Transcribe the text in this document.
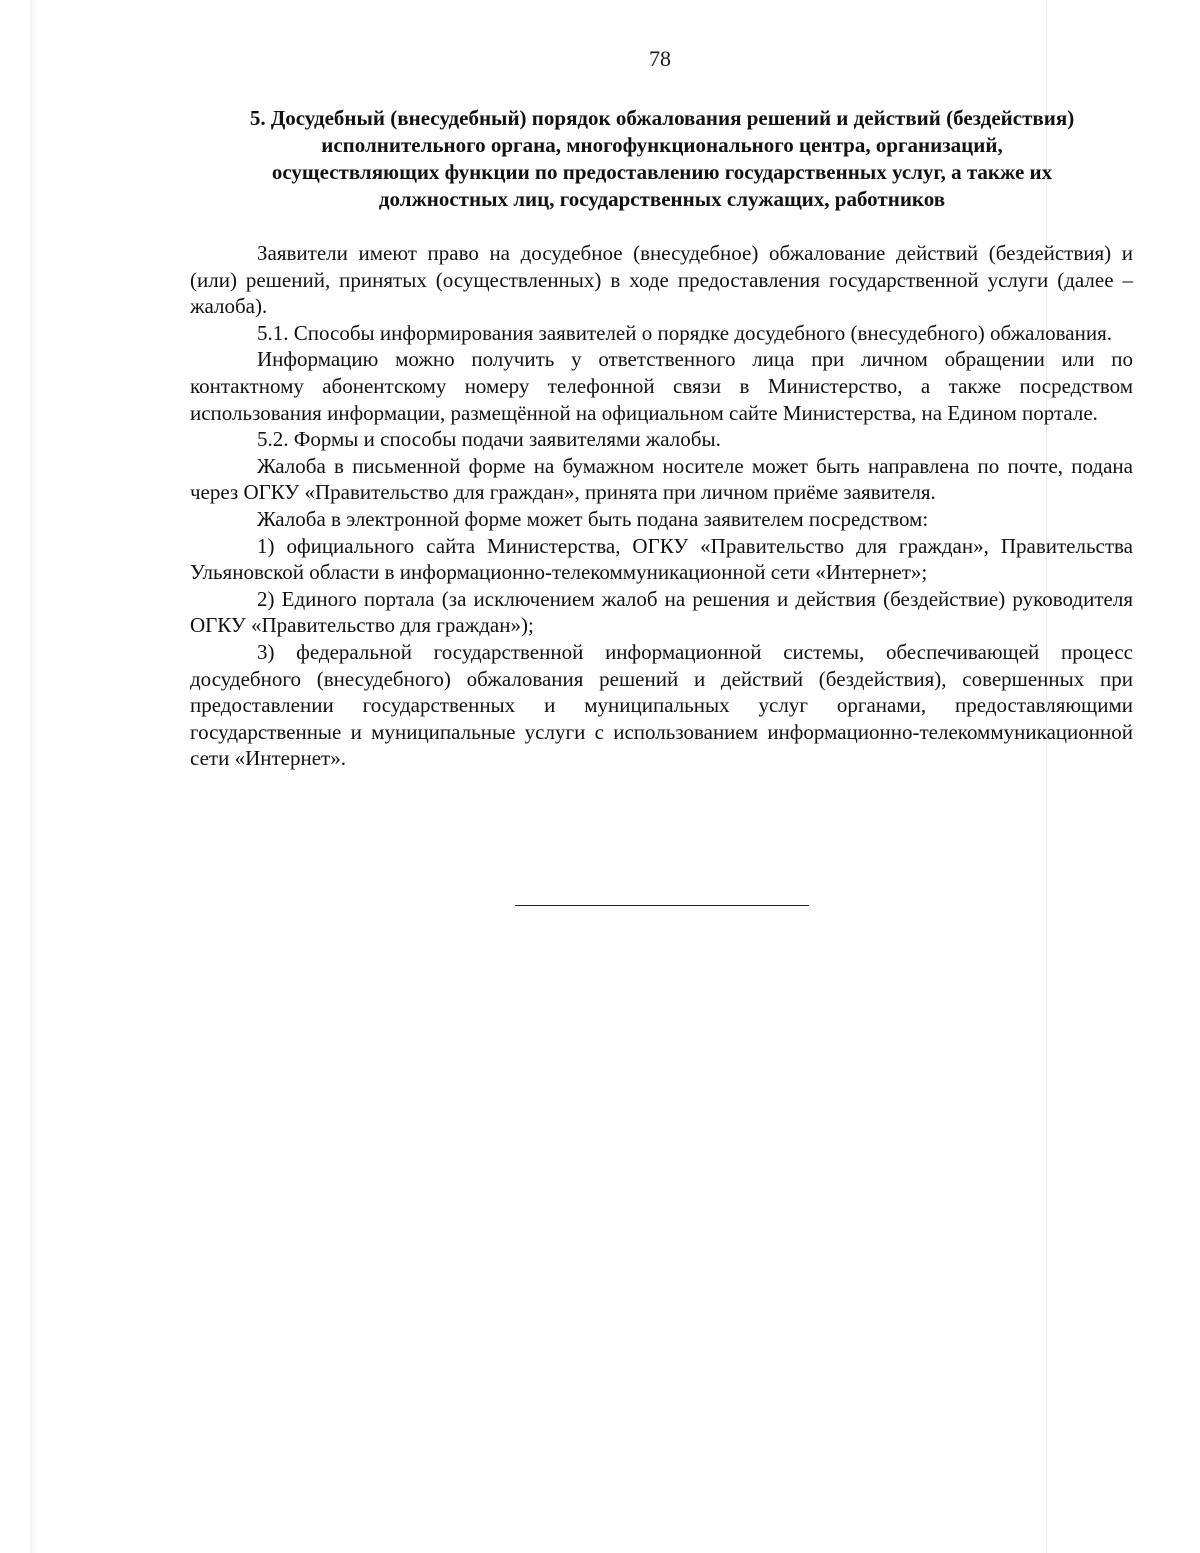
78
5. Досудебный (внесудебный) порядок обжалования решений и действий (бездействия)
исполнительного органа, многофункционального центра, организаций,
осуществляющих функции по предоставлению государственных услуг, а также их
должностных лиц, государственных служащих, работников

Заявители имеют право на досудебное (внесудебное) обжалование действий (бездействия) и (или) решений, принятых (осуществленных) в ходе предоставления государственной услуги (далее – жалоба).

5.1. Способы информирования заявителей о порядке досудебного (внесудебного) обжалования.

Информацию можно получить у ответственного лица при личном обращении или по контактному абонентскому номеру телефонной связи в Министерство, а также посредством использования информации, размещённой на официальном сайте Министерства, на Едином портале.

5.2. Формы и способы подачи заявителями жалобы.

Жалоба в письменной форме на бумажном носителе может быть направлена по почте, подана через ОГКУ «Правительство для граждан», принята при личном приёме заявителя.

Жалоба в электронной форме может быть подана заявителем посредством:

1) официального сайта Министерства, ОГКУ «Правительство для граждан», Правительства Ульяновской области в информационно-телекоммуникационной сети «Интернет»;

2) Единого портала (за исключением жалоб на решения и действия (бездействие) руководителя ОГКУ «Правительство для граждан»);

3) федеральной государственной информационной системы, обеспечивающей процесс досудебного (внесудебного) обжалования решений и действий (бездействия), совершенных при предоставлении государственных и муниципальных услуг органами, предоставляющими государственные и муниципальные услуги с использованием информационно-телекоммуникационной сети «Интернет».
